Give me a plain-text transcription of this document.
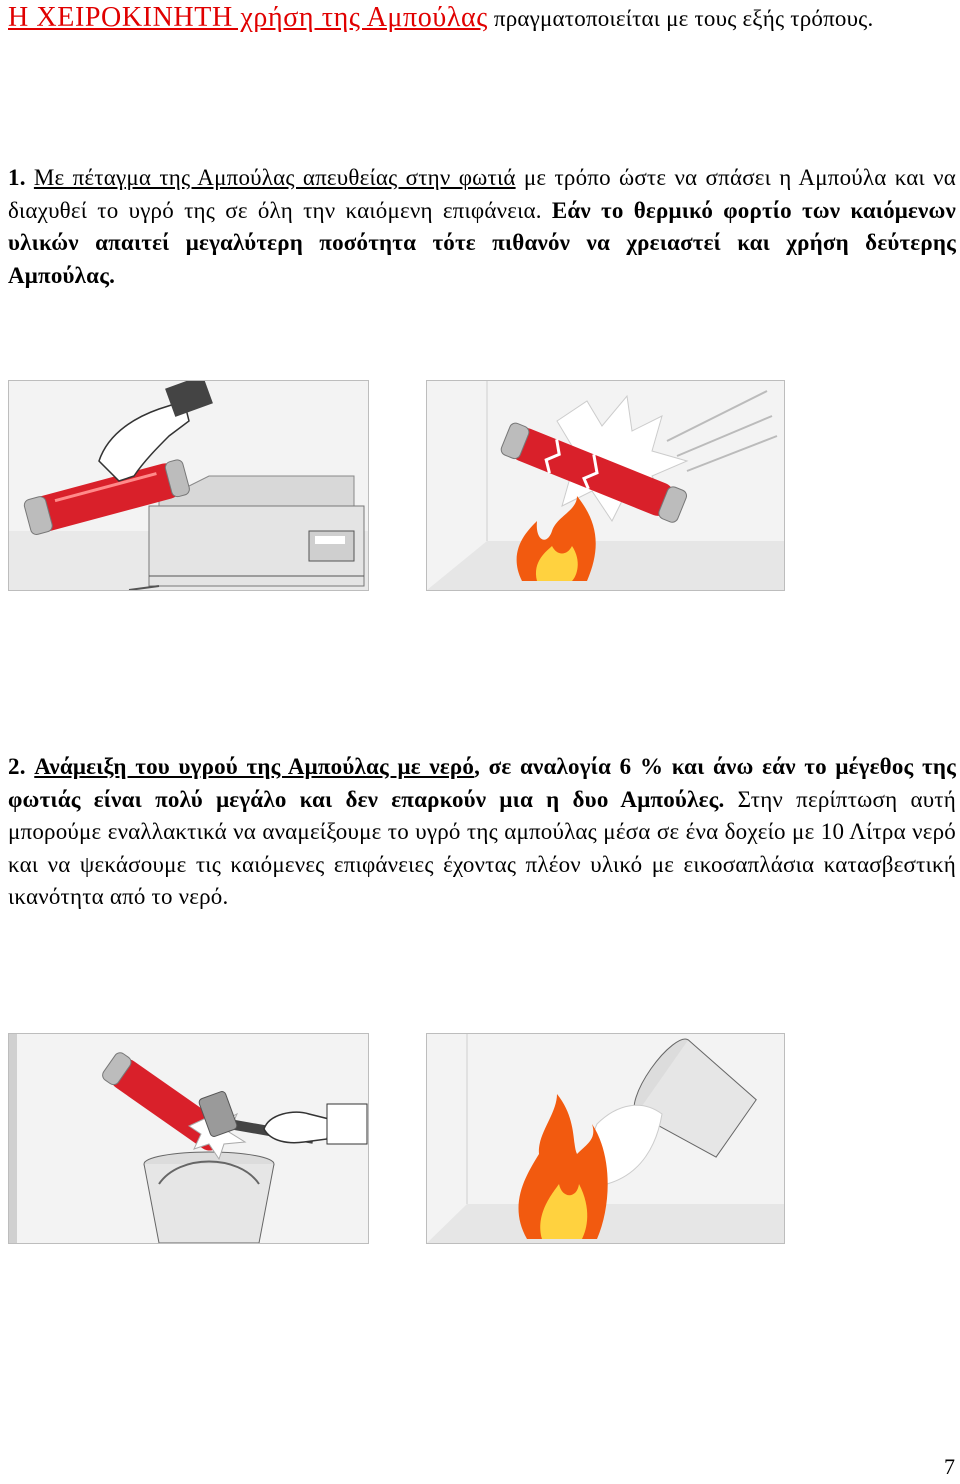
Η ΧΕΙΡΟΚΙΝΗΤΗ χρήση της Αμπούλας πραγματοποιείται με τους εξής τρόπους.
1. Με πέταγμα της Αμπούλας απευθείας στην φωτιά με τρόπο ώστε να σπάσει η Αμπούλα και να διαχυθεί το υγρό της σε όλη την καιόμενη επιφάνεια. Εάν το θερμικό φορτίο των καιόμενων υλικών απαιτεί μεγαλύτερη ποσότητα τότε πιθανόν να χρειαστεί και χρήση δεύτερης Αμπούλας.
2. Ανάμειξη του υγρού της Αμπούλας με νερό, σε αναλογία 6 % και άνω εάν το μέγεθος της φωτιάς είναι πολύ μεγάλο και δεν επαρκούν μια η δυο Αμπούλες. Στην περίπτωση αυτή μπορούμε εναλλακτικά να αναμείξουμε το υγρό της αμπούλας μέσα σε ένα δοχείο με 10 Λίτρα νερό και να ψεκάσουμε τις καιόμενες επιφάνειες έχοντας πλέον υλικό με εικοσαπλάσια κατασβεστική ικανότητα από το νερό.
7
